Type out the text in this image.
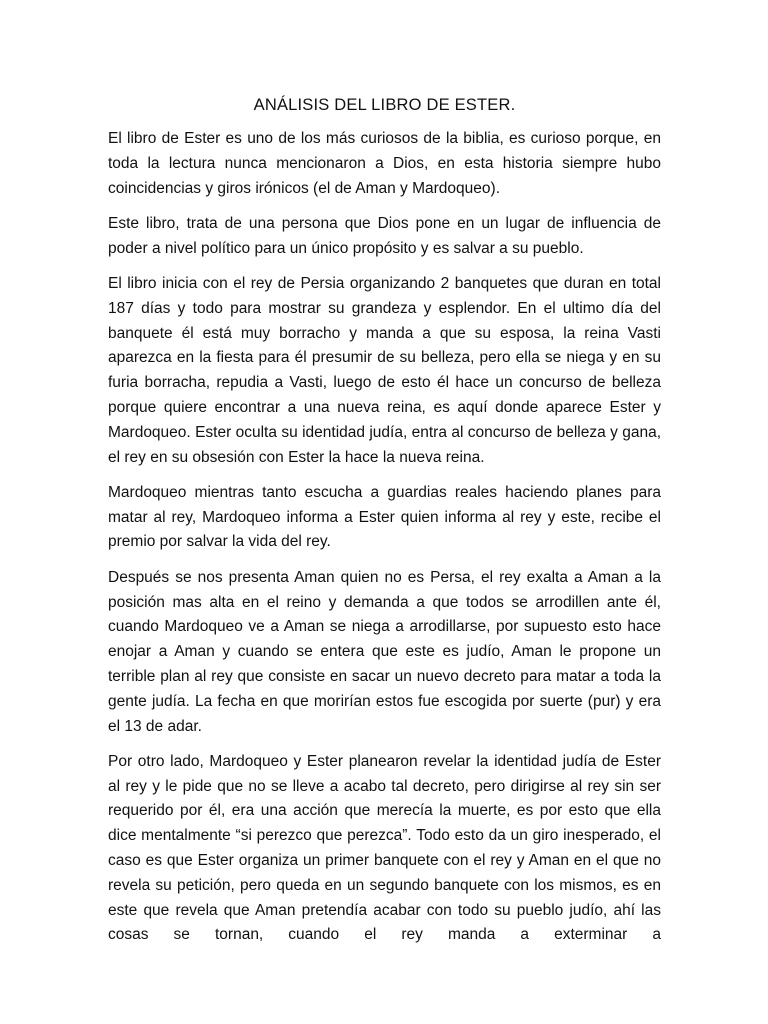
ANÁLISIS DEL LIBRO DE ESTER.

El libro de Ester es uno de los más curiosos de la biblia, es curioso porque, en toda la lectura nunca mencionaron a Dios, en esta historia siempre hubo coincidencias y giros irónicos (el de Aman y Mardoqueo).

Este libro, trata de una persona que Dios pone en un lugar de influencia de poder a nivel político para un único propósito y es salvar a su pueblo.

El libro inicia con el rey de Persia organizando 2 banquetes que duran en total 187 días y todo para mostrar su grandeza y esplendor. En el ultimo día del banquete él está muy borracho y manda a que su esposa, la reina Vasti aparezca en la fiesta para él presumir de su belleza, pero ella se niega y en su furia borracha, repudia a Vasti, luego de esto él hace un concurso de belleza porque quiere encontrar a una nueva reina, es aquí donde aparece Ester y Mardoqueo. Ester oculta su identidad judía, entra al concurso de belleza y gana, el rey en su obsesión con Ester la hace la nueva reina.

Mardoqueo mientras tanto escucha a guardias reales haciendo planes para matar al rey, Mardoqueo informa a Ester quien informa al rey y este, recibe el premio por salvar la vida del rey.

Después se nos presenta Aman quien no es Persa, el rey exalta a Aman a la posición mas alta en el reino y demanda a que todos se arrodillen ante él, cuando Mardoqueo ve a Aman se niega a arrodillarse, por supuesto esto hace enojar a Aman y cuando se entera que este es judío, Aman le propone un terrible plan al rey que consiste en sacar un nuevo decreto para matar a toda la gente judía. La fecha en que morirían estos fue escogida por suerte (pur) y era el 13 de adar.

Por otro lado, Mardoqueo y Ester planearon revelar la identidad judía de Ester al rey y le pide que no se lleve a acabo tal decreto, pero dirigirse al rey sin ser requerido por él, era una acción que merecía la muerte, es por esto que ella dice mentalmente “si perezco que perezca”. Todo esto da un giro inesperado, el caso es que Ester organiza un primer banquete con el rey y Aman en el que no revela su petición, pero queda en un segundo banquete con los mismos, es en este que revela que Aman pretendía acabar con todo su pueblo judío, ahí las cosas se tornan, cuando el rey manda a exterminar a
